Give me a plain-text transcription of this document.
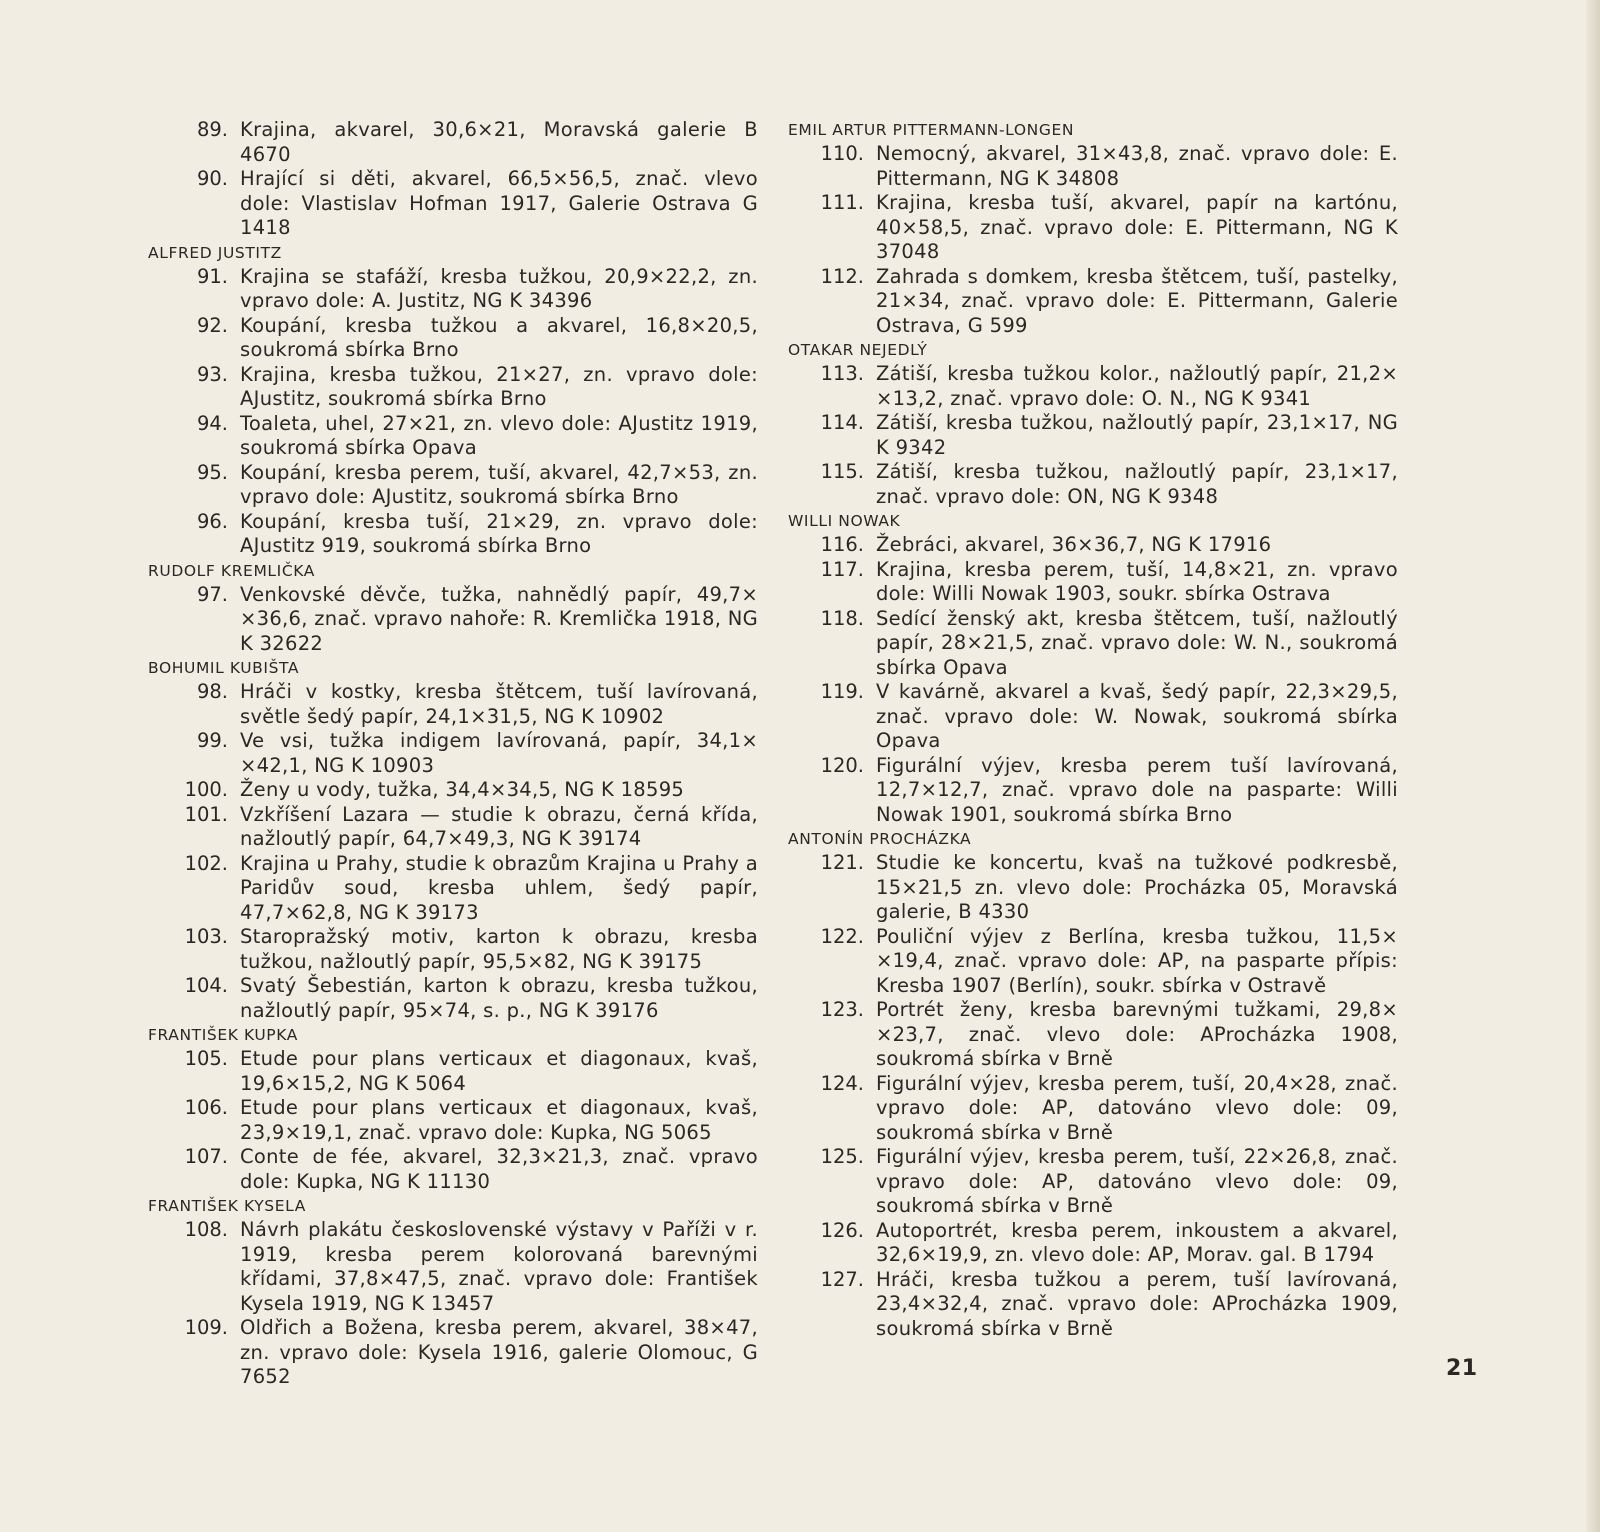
89. Krajina, akvarel, 30,6×21, Moravská galerie B 4670
90. Hrající si děti, akvarel, 66,5×56,5, znač. vlevo dole: Vlastislav Hofman 1917, Galerie Ostrava G 1418
ALFRED JUSTITZ
91. Krajina se stafáží, kresba tužkou, 20,9×22,2, zn. vpravo dole: A. Justitz, NG K 34396
92. Koupání, kresba tužkou a akvarel, 16,8×20,5, soukromá sbírka Brno
93. Krajina, kresba tužkou, 21×27, zn. vpravo dole: AJustitz, soukromá sbírka Brno
94. Toaleta, uhel, 27×21, zn. vlevo dole: AJustitz 1919, soukromá sbírka Opava
95. Koupání, kresba perem, tuší, akvarel, 42,7×53, zn. vpravo dole: AJustitz, soukromá sbírka Brno
96. Koupání, kresba tuší, 21×29, zn. vpravo dole: AJustitz 919, soukromá sbírka Brno
RUDOLF KREMLIČKA
97. Venkovské děvče, tužka, nahnědlý papír, 49,7× ×36,6, znač. vpravo nahoře: R. Kremlička 1918, NG K 32622
BOHUMIL KUBIŠTA
98. Hráči v kostky, kresba štětcem, tuší lavírovaná, světle šedý papír, 24,1×31,5, NG K 10902
99. Ve vsi, tužka indigem lavírovaná, papír, 34,1× ×42,1, NG K 10903
100. Ženy u vody, tužka, 34,4×34,5, NG K 18595
101. Vzkříšení Lazara — studie k obrazu, černá křída, nažloutlý papír, 64,7×49,3, NG K 39174
102. Krajina u Prahy, studie k obrazům Krajina u Prahy a Paridův soud, kresba uhlem, šedý papír, 47,7×62,8, NG K 39173
103. Staropražský motiv, karton k obrazu, kresba tužkou, nažloutlý papír, 95,5×82, NG K 39175
104. Svatý Šebestián, karton k obrazu, kresba tužkou, nažloutlý papír, 95×74, s. p., NG K 39176
FRANTIŠEK KUPKA
105. Etude pour plans verticaux et diagonaux, kvaš, 19,6×15,2, NG K 5064
106. Etude pour plans verticaux et diagonaux, kvaš, 23,9×19,1, znač. vpravo dole: Kupka, NG 5065
107. Conte de fée, akvarel, 32,3×21,3, znač. vpravo dole: Kupka, NG K 11130
FRANTIŠEK KYSELA
108. Návrh plakátu československé výstavy v Paříži v r. 1919, kresba perem kolorovaná barevnými křídami, 37,8×47,5, znač. vpravo dole: František Kysela 1919, NG K 13457
109. Oldřich a Božena, kresba perem, akvarel, 38×47, zn. vpravo dole: Kysela 1916, galerie Olomouc, G 7652
EMIL ARTUR PITTERMANN-LONGEN
110. Nemocný, akvarel, 31×43,8, znač. vpravo dole: E. Pittermann, NG K 34808
111. Krajina, kresba tuší, akvarel, papír na kartónu, 40×58,5, znač. vpravo dole: E. Pittermann, NG K 37048
112. Zahrada s domkem, kresba štětcem, tuší, pastelky, 21×34, znač. vpravo dole: E. Pittermann, Galerie Ostrava, G 599
OTAKAR NEJEDLÝ
113. Zátiší, kresba tužkou kolor., nažloutlý papír, 21,2× ×13,2, znač. vpravo dole: O. N., NG K 9341
114. Zátiší, kresba tužkou, nažloutlý papír, 23,1×17, NG K 9342
115. Zátiší, kresba tužkou, nažloutlý papír, 23,1×17, znač. vpravo dole: ON, NG K 9348
WILLI NOWAK
116. Žebráci, akvarel, 36×36,7, NG K 17916
117. Krajina, kresba perem, tuší, 14,8×21, zn. vpravo dole: Willi Nowak 1903, soukr. sbírka Ostrava
118. Sedící ženský akt, kresba štětcem, tuší, nažloutlý papír, 28×21,5, znač. vpravo dole: W. N., soukromá sbírka Opava
119. V kavárně, akvarel a kvaš, šedý papír, 22,3×29,5, znač. vpravo dole: W. Nowak, soukromá sbírka Opava
120. Figurální výjev, kresba perem tuší lavírovaná, 12,7×12,7, znač. vpravo dole na pasparte: Willi Nowak 1901, soukromá sbírka Brno
ANTONÍN PROCHÁZKA
121. Studie ke koncertu, kvaš na tužkové podkresbě, 15×21,5 zn. vlevo dole: Procházka 05, Moravská galerie, B 4330
122. Pouliční výjev z Berlína, kresba tužkou, 11,5× ×19,4, znač. vpravo dole: AP, na pasparte přípis: Kresba 1907 (Berlín), soukr. sbírka v Ostravě
123. Portrét ženy, kresba barevnými tužkami, 29,8× ×23,7, znač. vlevo dole: AProcházka 1908, soukromá sbírka v Brně
124. Figurální výjev, kresba perem, tuší, 20,4×28, znač. vpravo dole: AP, datováno vlevo dole: 09, soukromá sbírka v Brně
125. Figurální výjev, kresba perem, tuší, 22×26,8, znač. vpravo dole: AP, datováno vlevo dole: 09, soukromá sbírka v Brně
126. Autoportrét, kresba perem, inkoustem a akvarel, 32,6×19,9, zn. vlevo dole: AP, Morav. gal. B 1794
127. Hráči, kresba tužkou a perem, tuší lavírovaná, 23,4×32,4, znač. vpravo dole: AProcházka 1909, soukromá sbírka v Brně
21
